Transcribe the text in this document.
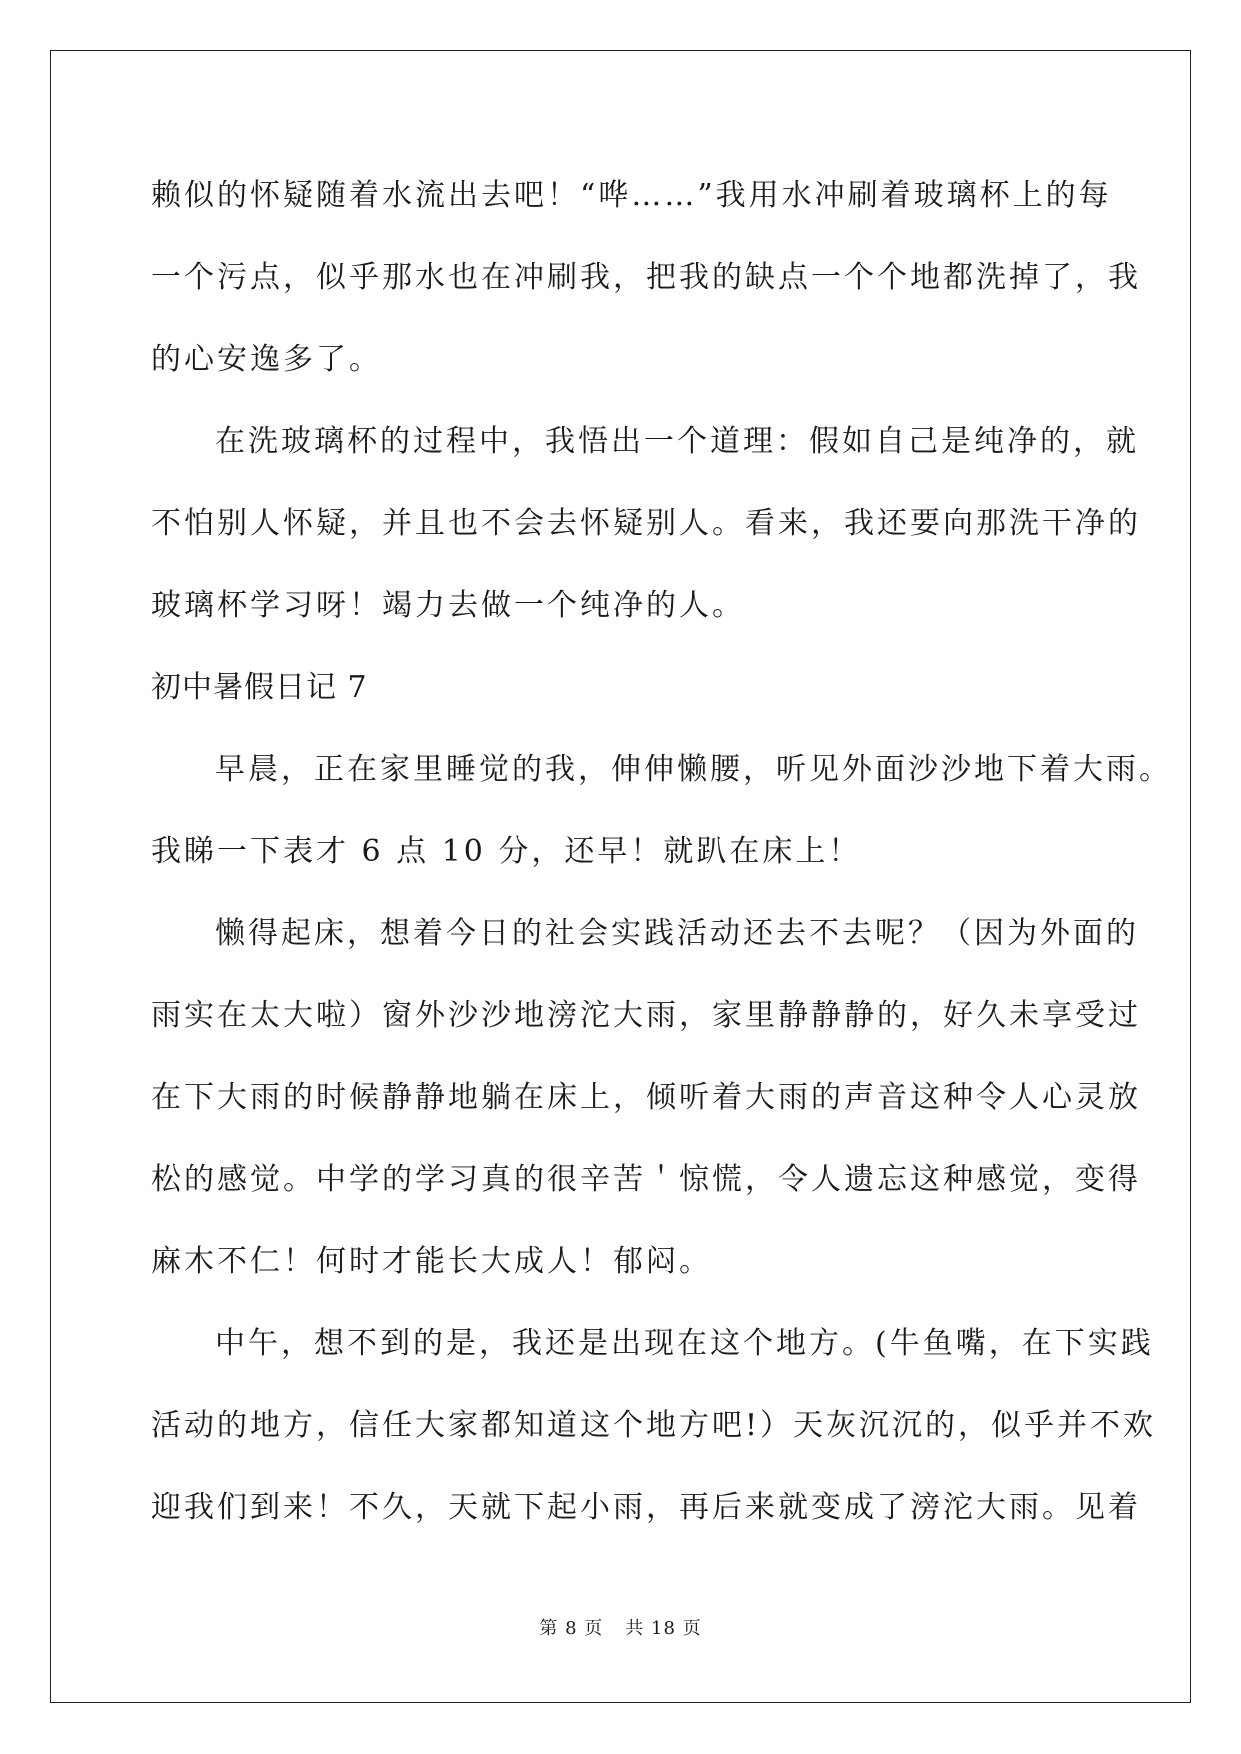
赖似的怀疑随着水流出去吧！“哗……”我用水冲刷着玻璃杯上的每
一个污点，似乎那水也在冲刷我，把我的缺点一个个地都洗掉了，我
的心安逸多了。
在洗玻璃杯的过程中，我悟出一个道理：假如自己是纯净的，就
不怕别人怀疑，并且也不会去怀疑别人。看来，我还要向那洗干净的
玻璃杯学习呀！竭力去做一个纯净的人。
初中暑假日记 7
早晨，正在家里睡觉的我，伸伸懒腰，听见外面沙沙地下着大雨。
我睇一下表才 6 点 10 分，还早！就趴在床上！
懒得起床，想着今日的社会实践活动还去不去呢？（因为外面的
雨实在太大啦）窗外沙沙地滂沱大雨，家里静静静的，好久未享受过
在下大雨的时候静静地躺在床上，倾听着大雨的声音这种令人心灵放
松的感觉。中学的学习真的很辛苦＇惊慌，令人遗忘这种感觉，变得
麻木不仁！何时才能长大成人！郁闷。
中午，想不到的是，我还是出现在这个地方。(牛鱼嘴，在下实践
活动的地方，信任大家都知道这个地方吧!）天灰沉沉的，似乎并不欢
迎我们到来！不久，天就下起小雨，再后来就变成了滂沱大雨。见着
第 8 页 共 18 页
